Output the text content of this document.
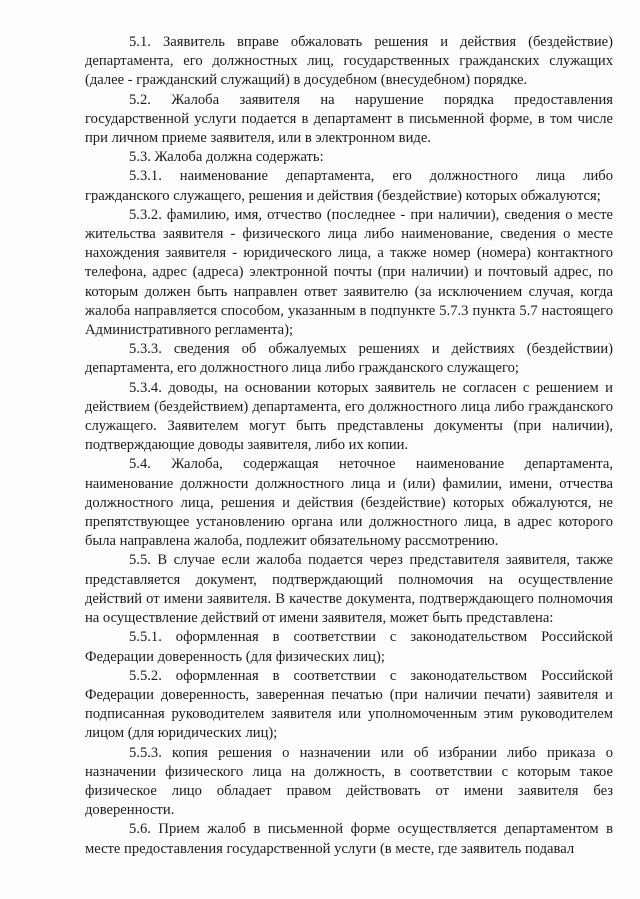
5.1. Заявитель вправе обжаловать решения и действия (бездействие) департамента, его должностных лиц, государственных гражданских служащих (далее - гражданский служащий) в досудебном (внесудебном) порядке.

5.2. Жалоба заявителя на нарушение порядка предоставления государственной услуги подается в департамент в письменной форме, в том числе при личном приеме заявителя, или в электронном виде.

5.3. Жалоба должна содержать:

5.3.1. наименование департамента, его должностного лица либо гражданского служащего, решения и действия (бездействие) которых обжалуются;

5.3.2. фамилию, имя, отчество (последнее - при наличии), сведения о месте жительства заявителя - физического лица либо наименование, сведения о месте нахождения заявителя - юридического лица, а также номер (номера) контактного телефона, адрес (адреса) электронной почты (при наличии) и почтовый адрес, по которым должен быть направлен ответ заявителю (за исключением случая, когда жалоба направляется способом, указанным в подпункте 5.7.3 пункта 5.7 настоящего Административного регламента);

5.3.3. сведения об обжалуемых решениях и действиях (бездействии) департамента, его должностного лица либо гражданского служащего;

5.3.4. доводы, на основании которых заявитель не согласен с решением и действием (бездействием) департамента, его должностного лица либо гражданского служащего. Заявителем могут быть представлены документы (при наличии), подтверждающие доводы заявителя, либо их копии.

5.4. Жалоба, содержащая неточное наименование департамента, наименование должности должностного лица и (или) фамилии, имени, отчества должностного лица, решения и действия (бездействие) которых обжалуются, не препятствующее установлению органа или должностного лица, в адрес которого была направлена жалоба, подлежит обязательному рассмотрению.

5.5. В случае если жалоба подается через представителя заявителя, также представляется документ, подтверждающий полномочия на осуществление действий от имени заявителя. В качестве документа, подтверждающего полномочия на осуществление действий от имени заявителя, может быть представлена:

5.5.1. оформленная в соответствии с законодательством Российской Федерации доверенность (для физических лиц);

5.5.2. оформленная в соответствии с законодательством Российской Федерации доверенность, заверенная печатью (при наличии печати) заявителя и подписанная руководителем заявителя или уполномоченным этим руководителем лицом (для юридических лиц);

5.5.3. копия решения о назначении или об избрании либо приказа о назначении физического лица на должность, в соответствии с которым такое физическое лицо обладает правом действовать от имени заявителя без доверенности.

5.6. Прием жалоб в письменной форме осуществляется департаментом в месте предоставления государственной услуги (в месте, где заявитель подавал
